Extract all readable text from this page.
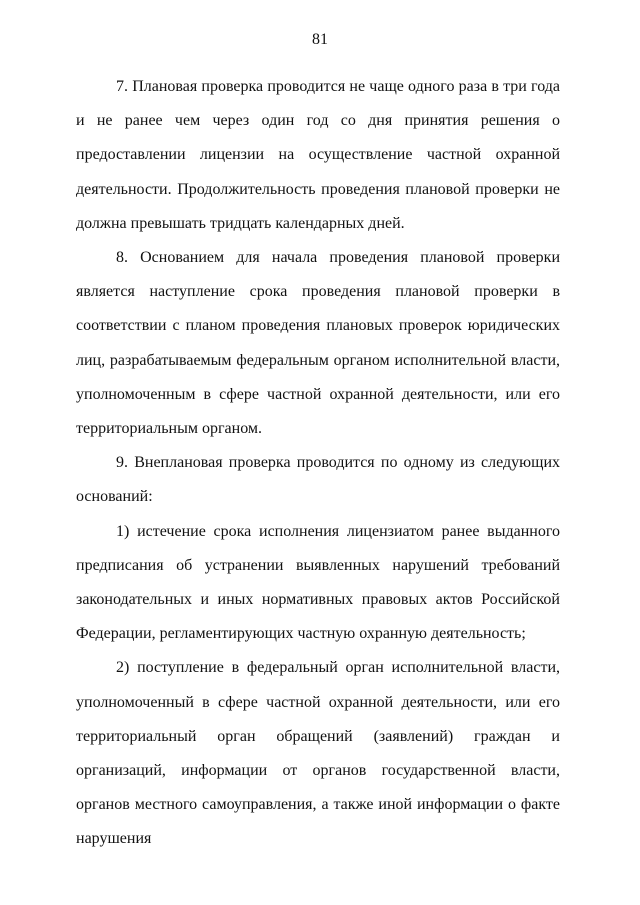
81

7. Плановая проверка проводится не чаще одного раза в три года и не ранее чем через один год со дня принятия решения о предоставлении лицензии на осуществление частной охранной деятельности. Продолжительность проведения плановой проверки не должна превышать тридцать календарных дней.

8. Основанием для начала проведения плановой проверки является наступление срока проведения плановой проверки в соответствии с планом проведения плановых проверок юридических лиц, разрабатываемым федеральным органом исполнительной власти, уполномоченным в сфере частной охранной деятельности, или его территориальным органом.

9. Внеплановая проверка проводится по одному из следующих оснований:

1) истечение срока исполнения лицензиатом ранее выданного предписания об устранении выявленных нарушений требований законодательных и иных нормативных правовых актов Российской Федерации, регламентирующих частную охранную деятельность;

2) поступление в федеральный орган исполнительной власти, уполномоченный в сфере частной охранной деятельности, или его территориальный орган обращений (заявлений) граждан и организаций, информации от органов государственной власти, органов местного самоуправления, а также иной информации о факте нарушения
